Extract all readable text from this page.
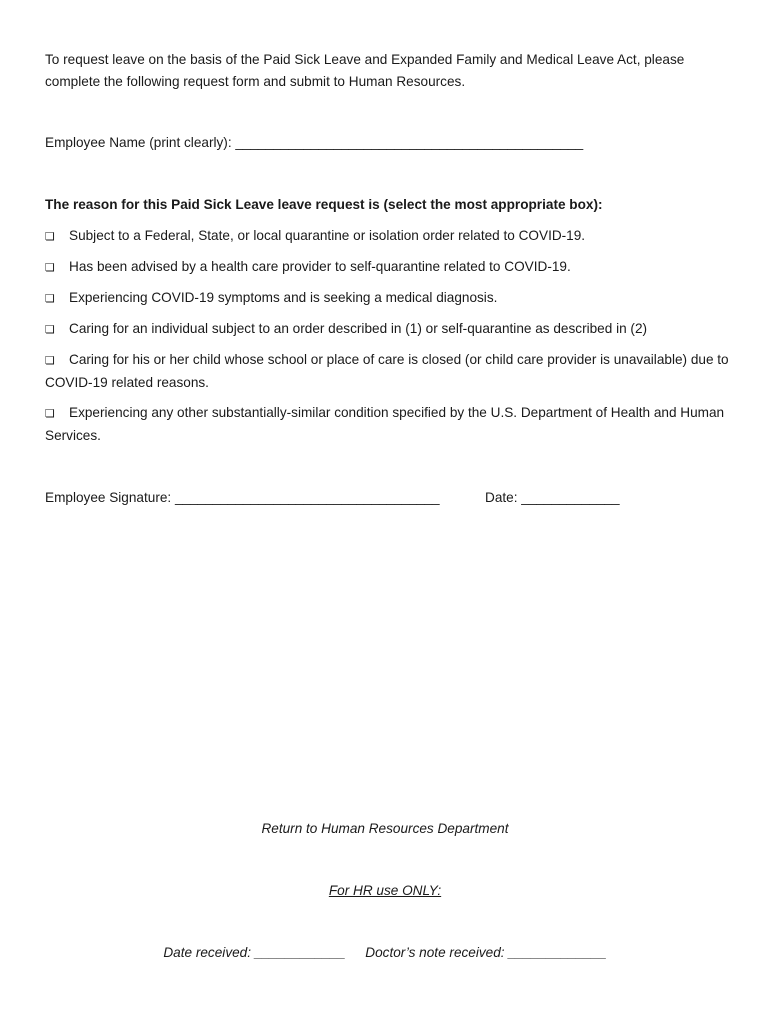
To request leave on the basis of the Paid Sick Leave and Expanded Family and Medical Leave Act, please complete the following request form and submit to Human Resources.
Employee Name (print clearly): ______________________________________________
The reason for this Paid Sick Leave leave request is (select the most appropriate box):
❏ Subject to a Federal, State, or local quarantine or isolation order related to COVID-19.
❏ Has been advised by a health care provider to self-quarantine related to COVID-19.
❏ Experiencing COVID-19 symptoms and is seeking a medical diagnosis.
❏ Caring for an individual subject to an order described in (1) or self-quarantine as described in (2)
❏ Caring for his or her child whose school or place of care is closed (or child care provider is unavailable) due to COVID-19 related reasons.
❏ Experiencing any other substantially-similar condition specified by the U.S. Department of Health and Human Services.
Employee Signature: ___________________________________	Date: _____________
Return to Human Resources Department
For HR use ONLY:
Date received: ____________ Doctor’s note received: _____________
